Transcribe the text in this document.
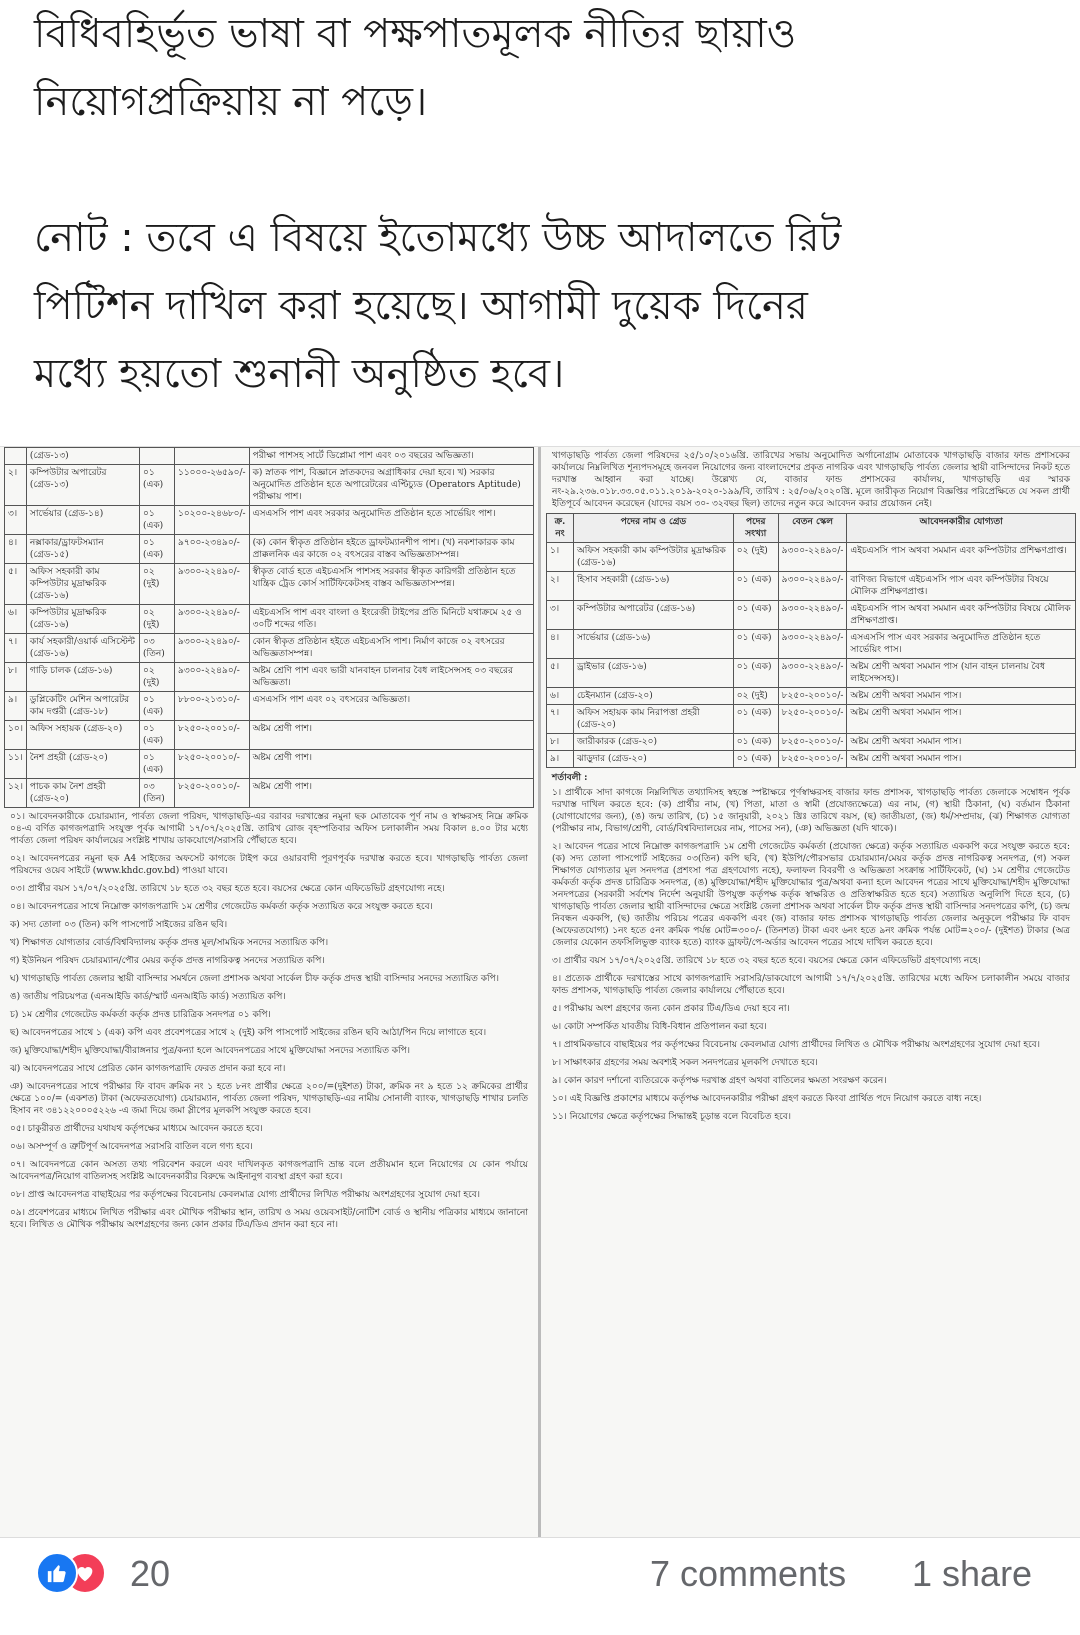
বিধিবহির্ভূত ভাষা বা পক্ষপাতমূলক নীতির ছায়াও

নিয়োগপ্রক্রিয়ায় না পড়ে।

নোট : তবে এ বিষয়ে ইতোমধ্যে উচ্চ আদালতে রিট

পিটিশন দাখিল করা হয়েছে। আগামী দুয়েক দিনের

মধ্যে হয়তো শুনানী অনুষ্ঠিত হবে।

	(গ্রেড-১৩)			পরীক্ষা পাশসহ সার্টে ডিপ্লোমা পাশ এবং ০৩ বছরের অভিজ্ঞতা।
২।	কম্পিউটার অপারেটর (গ্রেড-১৩)	০১ (এক)	১১০০০-২৬৫৯০/-	ক) স্নাতক পাশ, বিজ্ঞানে স্নাতকদের অগ্রাধিকার দেয়া হবে। খ) সরকার অনুমোদিত প্রতিষ্ঠান হতে অপারেটরের এপ্টিচ্যুড (Operators Aptitude) পরীক্ষায় পাশ।
৩।	সার্ভেয়ার (গ্রেড-১৪)	০১ (এক)	১০২০০-২৪৬৮০/-	এসএসসি পাশ এবং সরকার অনুমোদিত প্রতিষ্ঠান হতে সার্ভেয়িং পাশ।
৪।	নক্সাকার/ড্রাফটসম্যান (গ্রেড-১৫)	০১ (এক)	৯৭০০-২৩৪৯০/-	(ক) কোন স্বীকৃত প্রতিষ্ঠান হইতে ড্রাফটম্যানশীপ পাশ। (খ) নকশাকারক কাম প্রাক্কলনিক এর কাজে ০২ বৎসরের বাস্তব অভিজ্ঞতাসম্পন্ন।
৫।	অফিস সহকারী কাম কম্পিউটার মুদ্রাক্ষরিক (গ্রেড-১৬)	০২ (দুই)	৯৩০০-২২৪৯০/-	স্বীকৃত বোর্ড হতে এইচএসসি পাশসহ সরকার স্বীকৃত কারিগরী প্রতিষ্ঠান হতে যান্ত্রিক ট্রেড কোর্স সার্টিফিকেটসহ বাস্তব অভিজ্ঞতাসম্পন্ন।
৬।	কম্পিউটার মুদ্রাক্ষরিক (গ্রেড-১৬)	০২ (দুই)	৯৩০০-২২৪৯০/-	এইচএসসি পাশ এবং বাংলা ও ইংরেজী টাইপের প্রতি মিনিটে যথাক্রমে ২৫ ও ৩০টি শব্দের গতি।
৭।	কার্য সহকারী/ওয়ার্ক এসিস্টেন্ট (গ্রেড-১৬)	০৩ (তিন)	৯৩০০-২২৪৯০/-	কোন স্বীকৃত প্রতিষ্ঠান হইতে এইচএসসি পাশ। নির্মাণ কাজে ০২ বৎসরের অভিজ্ঞতাসম্পন্ন।
৮।	গাড়ি চালক (গ্রেড-১৬)	০২ (দুই)	৯৩০০-২২৪৯০/-	অষ্টম শ্রেণি পাশ এবং ভারী যানবাহন চালনার বৈধ লাইসেন্সসহ ০৩ বছরের অভিজ্ঞতা।
৯।	ডুপ্লিকেটিং মেশিন অপারেটর কাম দপ্তরী (গ্রেড-১৮)	০১ (এক)	৮৮০০-২১৩১০/-	এসএসসি পাশ এবং ০২ বৎসরের অভিজ্ঞতা।
১০।	অফিস সহায়ক (গ্রেড-২০)	০১ (এক)	৮২৫০-২০০১০/-	অষ্টম শ্রেণী পাশ।
১১।	নৈশ প্রহরী (গ্রেড-২০)	০১ (এক)	৮২৫০-২০০১০/-	অষ্টম শ্রেণী পাশ।
১২।	পাচক কাম নৈশ প্রহরী (গ্রেড-২০)	০৩ (তিন)	৮২৫০-২০০১০/-	অষ্টম শ্রেণী পাশ।

০১। আবেদনকারীকে চেয়ারম্যান, পার্বত্য জেলা পরিষদ, খাগড়াছড়ি-এর বরাবর দরখাস্তের নমুনা ছক মোতাবেক পূর্ণ নাম ও স্বাক্ষরসহ নিম্নে ক্রমিক ০৪-এ বর্ণিত কাগজপত্রাদি সংযুক্ত পূর্বক আগামী ১৭/০৭/২০২৫খ্রি. তারিখ রোজ বৃহস্পতিবার অফিস চলাকালীন সময় বিকাল ৪.০০ টার মধ্যে পার্বত্য জেলা পরিষদ কার্যালয়ের সংশ্লিষ্ট শাখায় ডাকযোগে/সরাসরি পৌঁছাতে হবে।

০২। আবেদনপত্রের নমুনা ছক A4 সাইজের অফসেট কাগজে টাইপ করে ওয়ারবাদী পূরণপূর্বক দরখাস্ত করতে হবে। খাগড়াছড়ি পার্বত্য জেলা পরিষদের ওয়েব সাইটে (www.khdc.gov.bd) পাওয়া যাবে।

০৩। প্রার্থীর বয়স ১৭/০৭/২০২৫খ্রি. তারিখে ১৮ হতে ৩২ বছর হতে হবে। বয়সের ক্ষেত্রে কোন এফিডেভিট গ্রহণযোগ্য নহে।

০৪। আবেদনপত্রের সাথে নিম্নোক্ত কাগজপত্রাদি ১ম শ্রেণীর গেজেটেড কর্মকর্তা কর্তৃক সত্যায়িত করে সংযুক্ত করতে হবে।

ক) সদ্য তোলা ০৩ (তিন) কপি পাসপোর্ট সাইজের রঙিন ছবি।

খ) শিক্ষাগত যোগ্যতার বোর্ড/বিশ্ববিদ্যালয় কর্তৃক প্রদত্ত মূল/সাময়িক সনদের সত্যায়িত কপি।

গ) ইউনিয়ন পরিষদ চেয়ারম্যান/পৌর মেয়র কর্তৃক প্রদত্ত নাগরিকত্ব সনদের সত্যায়িত কপি।

ঘ) খাগড়াছড়ি পার্বত্য জেলার স্থায়ী বাসিন্দার সমর্থনে জেলা প্রশাসক অথবা সার্কেল চীফ কর্তৃক প্রদত্ত স্থায়ী বাসিন্দার সনদের সত্যায়িত কপি।

ঙ) জাতীয় পরিচয়পত্র (এনআইডি কার্ড/স্মার্ট এনআইডি কার্ড) সত্যায়িত কপি।

চ) ১ম শ্রেণীর গেজেটেড কর্মকর্তা কর্তৃক প্রদত্ত চারিত্রিক সনদপত্র ০১ কপি।

ছ) আবেদনপত্রের সাথে ১ (এক) কপি এবং প্রবেশপত্রের সাথে ২ (দুই) কপি পাসপোর্ট সাইজের রঙিন ছবি আঠা/পিন দিয়ে লাগাতে হবে।

জ) মুক্তিযোদ্ধা/শহীদ মুক্তিযোদ্ধা/বীরাঙ্গনার পুত্র/কন্যা হলে আবেদনপত্রের সাথে মুক্তিযোদ্ধা সনদের সত্যায়িত কপি।

ঝ) আবেদনপত্রের সাথে প্রেরিত কোন কাগজপত্রাদি ফেরত প্রদান করা হবে না।

ঞ) আবেদনপত্রের সাথে পরীক্ষার ফি বাবদ ক্রমিক নং ১ হতে ৮নং প্রার্থীর ক্ষেত্রে ২০০/=(দুইশত) টাকা, ক্রমিক নং ৯ হতে ১২ ক্রমিকের প্রার্থীর ক্ষেত্রে ১০০/= (একশত) টাকা (অফেরতযোগ্য) চেয়ারম্যান, পার্বত্য জেলা পরিষদ, খাগড়াছড়ি-এর নামীয় সোনালী ব্যাংক, খাগড়াছড়ি শাখার চলতি হিসাব নং ৩৪১২২০০০৫২২৬ -এ জমা দিয়ে জমা স্লীপের মূলকপি সংযুক্ত করতে হবে।

০৫। চাকুরীরত প্রার্থীদের যথাযথ কর্তৃপক্ষের মাধ্যমে আবেদন করতে হবে।

০৬। অসম্পূর্ণ ও ত্রুটিপূর্ণ আবেদনপত্র সরাসরি বাতিল বলে গণ্য হবে।

০৭। আবেদনপত্রে কোন অসত্য তথ্য পরিবেশন করলে এবং দাখিলকৃত কাগজপত্রাদি ভ্রান্ত বলে প্রতীয়মান হলে নিয়োগের যে কোন পর্যায়ে আবেদনপত্র/নিয়োগ বাতিলসহ সংশ্লিষ্ট আবেদনকারীর বিরুদ্ধে আইনানুগ ব্যবস্থা গ্রহণ করা হবে।

০৮। প্রাপ্ত আবেদনপত্র বাছাইয়ের পর কর্তৃপক্ষের বিবেচনায় কেবলমাত্র যোগ্য প্রার্থীদের লিখিত পরীক্ষায় অংশগ্রহণের সুযোগ দেয়া হবে।

০৯। প্রবেশপত্রের মাধ্যমে লিখিত পরীক্ষার এবং মৌখিক পরীক্ষার স্থান, তারিখ ও সময় ওয়েবসাইট/নোটিশ বোর্ড ও স্থানীয় পত্রিকার মাধ্যমে জানানো হবে। লিখিত ও মৌখিক পরীক্ষায় অংশগ্রহণের জন্য কোন প্রকার টিএ/ডিএ প্রদান করা হবে না।

খাগড়াছড়ি পার্বত্য জেলা পরিষদের ২৫/১০/২০১৬খ্রি. তারিখের সভায় অনুমোদিত অর্গানোগ্রাম মোতাবেক খাগড়াছড়ি বাজার ফান্ড প্রশাসকের কার্যালয়ে নিম্নলিখিত শূন্যপদসমূহে জনবল নিয়োগের জন্য বাংলাদেশের প্রকৃত নাগরিক এবং খাগড়াছড়ি পার্বত্য জেলার স্থায়ী বাসিন্দাদের নিকট হতে দরখাস্ত আহ্বান করা যাচ্ছে। উল্লেখ্য যে, বাজার ফান্ড প্রশাসকের কার্যালয়, খাগড়াছড়ি এর স্মারক নং-২৯.২৩৬.০১৮.৩৩.০৫.০১১.২০১৯-২০২০-১৯৯/বি, তারিখ : ২৫/০৬/২০২০খ্রি. মূলে জারীকৃত নিয়োগ বিজ্ঞপ্তির পরিপ্রেক্ষিতে যে সকল প্রার্থী ইতিপূর্বে আবেদন করেছেন (যাদের বয়স ৩০- ৩২বছর ছিল) তাদের নতুন করে আবেদন করার প্রয়োজন নেই।

ক্র. নং	পদের নাম ও গ্রেড	পদের সংখ্যা	বেতন স্কেল	আবেদনকারীর যোগ্যতা
১।	অফিস সহকারী কাম কম্পিউটার মুদ্রাক্ষরিক (গ্রেড-১৬)	০২ (দুই)	৯৩০০-২২৪৯০/-	এইচএসসি পাস অথবা সমমান এবং কম্পিউটার প্রশিক্ষণপ্রাপ্ত।
২।	হিসাব সহকারী (গ্রেড-১৬)	০১ (এক)	৯৩০০-২২৪৯০/-	বাণিজ্য বিভাগে এইচএসসি পাস এবং কম্পিউটার বিষয়ে মৌলিক প্রশিক্ষণপ্রাপ্ত।
৩।	কম্পিউটার অপারেটর (গ্রেড-১৬)	০১ (এক)	৯৩০০-২২৪৯০/-	এইচএসসি পাস অথবা সমমান এবং কম্পিউটার বিষয়ে মৌলিক প্রশিক্ষণপ্রাপ্ত।
৪।	সার্ভেয়ার (গ্রেড-১৬)	০১ (এক)	৯৩০০-২২৪৯০/-	এসএসসি পাস এবং সরকার অনুমোদিত প্রতিষ্ঠান হতে সার্ভেয়িং পাস।
৫।	ড্রাইভার (গ্রেড-১৬)	০১ (এক)	৯৩০০-২২৪৯০/-	অষ্টম শ্রেণী অথবা সমমান পাস (যান বাহন চালনায় বৈধ লাইসেন্সসহ)।
৬।	চেইনম্যান (গ্রেড-২০)	০২ (দুই)	৮২৫০-২০০১০/-	অষ্টম শ্রেণী অথবা সমমান পাস।
৭।	অফিস সহায়ক কাম নিরাপত্তা প্রহরী (গ্রেড-২০)	০১ (এক)	৮২৫০-২০০১০/-	অষ্টম শ্রেণী অথবা সমমান পাস।
৮।	জারীকারক (গ্রেড-২০)	০১ (এক)	৮২৫০-২০০১০/-	অষ্টম শ্রেণী অথবা সমমান পাস।
৯।	ঝাড়ুদার (গ্রেড-২০)	০১ (এক)	৮২৫০-২০০১০/-	অষ্টম শ্রেণী অথবা সমমান পাস।
শর্তাবলী :

১। প্রার্থীকে সাদা কাগজে নিম্নলিখিত তথ্যাদিসহ স্বহস্তে স্পষ্টাক্ষরে পূর্ণস্বাক্ষরসহ বাজার ফান্ড প্রশাসক, খাগড়াছড়ি পার্বত্য জেলাকে সম্বোধন পূর্বক দরখাস্ত দাখিল করতে হবে: (ক) প্রার্থীর নাম, (খ) পিতা, মাতা ও স্বামী (প্রযোজ্যক্ষেত্রে) এর নাম, (গ) স্থায়ী ঠিকানা, (ঘ) বর্তমান ঠিকানা (যোগাযোগের জন্য), (ঙ) জন্ম তারিখ, (চ) ১৫ জানুয়ারী, ২০২১ খ্রিঃ তারিখে বয়স, (ছ) জাতীয়তা, (জ) ধর্ম/সম্প্রদায়, (ঝ) শিক্ষাগত যোগ্যতা (পরীক্ষার নাম, বিভাগ/শ্রেণী, বোর্ড/বিশ্ববিদ্যালয়ের নাম, পাসের সন), (ঞ) অভিজ্ঞতা (যদি থাকে)।

২। আবেদন পত্রের সাথে নিম্নোক্ত কাগজপত্রাদি ১ম শ্রেণী গেজেটেড কর্মকর্তা (প্রযোজ্য ক্ষেত্রে) কর্তৃক সত্যায়িত এককপি করে সংযুক্ত করতে হবে: (ক) সদ্য তোলা পাসপোর্ট সাইজের ০৩(তিন) কপি ছবি, (খ) ইউপি/পৌরসভার চেয়ারম্যান/মেয়র কর্তৃক প্রদত্ত নাগরিকত্ব সনদপত্র, (গ) সকল শিক্ষাগত যোগ্যতার মূল সনদপত্র (প্রশংসা পত্র গ্রহণযোগ্য নহে), ফলাফল বিবরণী ও অভিজ্ঞতা সংক্রান্ত সার্টিফিকেট, (ঘ) ১ম শ্রেণীর গেজেটেড কর্মকর্তা কর্তৃক প্রদত্ত চারিত্রিক সনদপত্র, (ঙ) মুক্তিযোদ্ধা/শহীদ মুক্তিযোদ্ধার পুত্র/অথবা কন্যা হলে আবেদন পত্রের সাথে মুক্তিযোদ্ধা/শহীদ মুক্তিযোদ্ধা সনদপত্রের (সরকারী সর্বশেষ নির্দেশ অনুযায়ী উপযুক্ত কর্তৃপক্ষ কর্তৃক স্বাক্ষরিত ও প্রতিস্বাক্ষরিত হতে হবে) সত্যায়িত অনুলিপি দিতে হবে, (চ) খাগড়াছড়ি পার্বত্য জেলার স্থায়ী বাসিন্দাদের ক্ষেত্রে সংশ্লিষ্ট জেলা প্রশাসক অথবা সার্কেল চীফ কর্তৃক প্রদত্ত স্থায়ী বাসিন্দার সনদপত্রের কপি, (চ) জন্ম নিবন্ধন এককপি, (ছ) জাতীয় পরিচয় পত্রের এককপি এবং (জ) বাজার ফান্ড প্রশাসক খাগড়াছড়ি পার্বত্য জেলার অনুকূলে পরীক্ষার ফি বাবদ (অফেরতযোগ্য) ১নং হতে ৫নং ক্রমিক পর্যন্ত মোট=৩০০/- (তিনশত) টাকা এবং ৬নং হতে ৯নং ক্রমিক পর্যন্ত মোট=২০০/- (দুইশত) টাকার (অত্র জেলার যেকোন তফসিলিভুক্ত ব্যাংক হতে) ব্যাংক ড্রাফট/পে-অর্ডার আবেদন পত্রের সাথে দাখিল করতে হবে।

৩। প্রার্থীর বয়স ১৭/০৭/২০২৫খ্রি. তারিখে ১৮ হতে ৩২ বছর হতে হবে। বয়সের ক্ষেত্রে কোন এফিডেভিট গ্রহণযোগ্য নহে।

৪। প্রত্যেক প্রার্থীকে দরখাস্তের সাথে কাগজপত্রাদি সরাসরি/ডাকযোগে আগামী ১৭/৭/২০২৫খ্রি. তারিখের মধ্যে অফিস চলাকালীন সময়ে বাজার ফান্ড প্রশাসক, খাগড়াছড়ি পার্বত্য জেলার কার্যালয়ে পৌঁছাতে হবে।

৫। পরীক্ষায় অংশ গ্রহণের জন্য কোন প্রকার টিএ/ডিএ দেয়া হবে না।

৬। কোটা সম্পর্কিত যাবতীয় বিধি-বিধান প্রতিপালন করা হবে।

৭। প্রাথমিকভাবে বাছাইয়ের পর কর্তৃপক্ষের বিবেচনায় কেবলমাত্র যোগ্য প্রার্থীদের লিখিত ও মৌখিক পরীক্ষায় অংশগ্রহণের সুযোগ দেয়া হবে।

৮। সাক্ষাৎকার গ্রহণের সময় অবশ্যই সকল সনদপত্রের মূলকপি দেখাতে হবে।

৯। কোন কারণ দর্শানো ব্যতিরেকে কর্তৃপক্ষ দরখাস্ত গ্রহণ অথবা বাতিলের ক্ষমতা সংরক্ষণ করেন।

১০। এই বিজ্ঞপ্তি প্রকাশের মাধ্যমে কর্তৃপক্ষ আবেদনকারীর পরীক্ষা গ্রহণ করতে কিংবা প্রার্থিত পদে নিয়োগ করতে বাধ্য নহে।

১১। নিয়োগের ক্ষেত্রে কর্তৃপক্ষের সিদ্ধান্তই চূড়ান্ত বলে বিবেচিত হবে।

20	7 comments 1 share
